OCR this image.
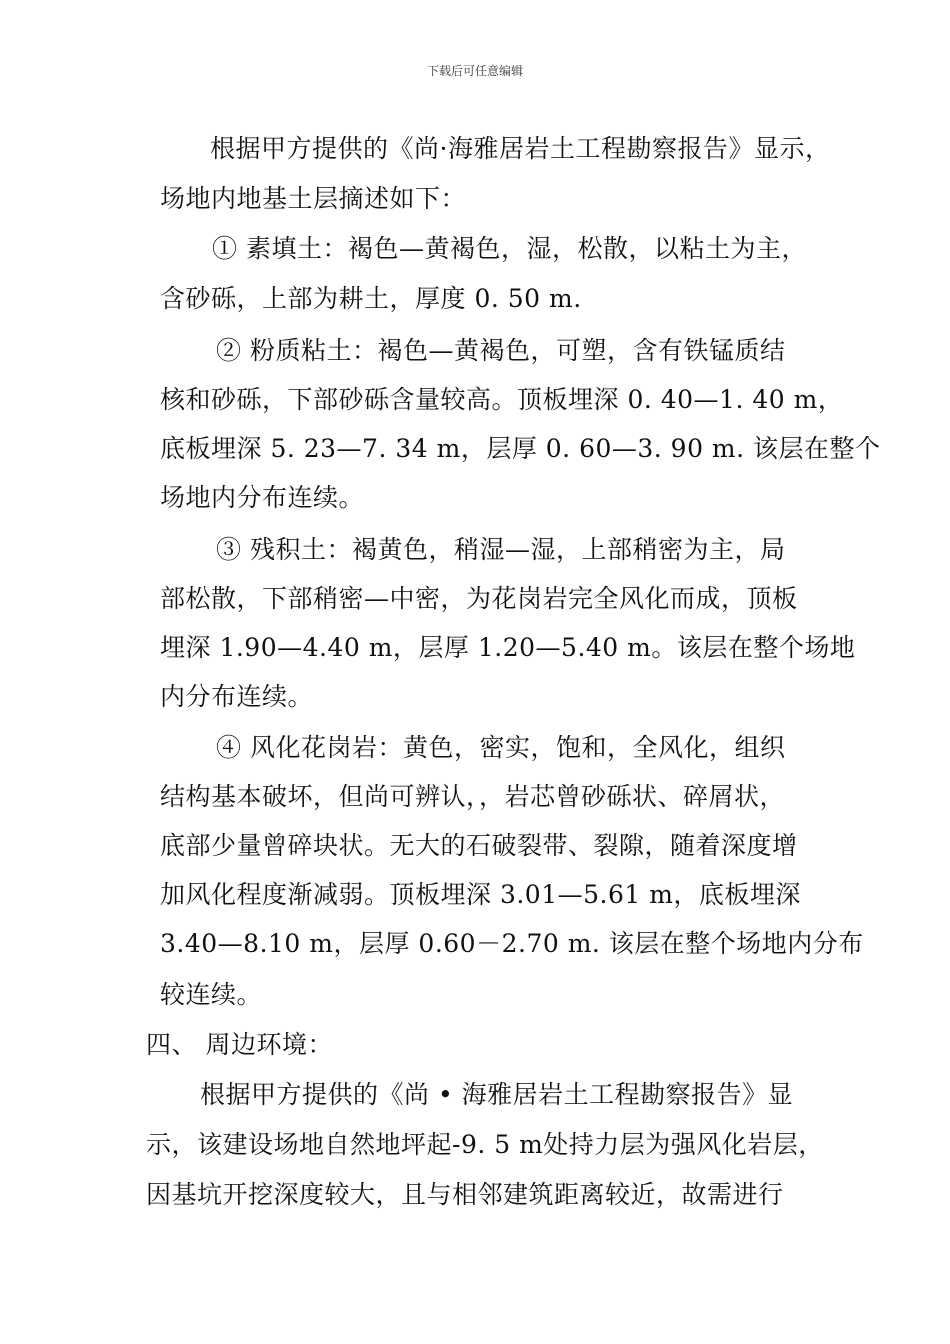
下载后可任意编辑
根据甲方提供的《尚·海雅居岩土工程勘察报告》显示，
场地内地基土层摘述如下：
① 素填土：褐色—黄褐色，湿，松散，以粘土为主，
含砂砾，上部为耕土，厚度 0. 50 m.
② 粉质粘土：褐色—黄褐色，可塑，含有铁锰质结
核和砂砾，下部砂砾含量较高。顶板埋深 0. 40—1. 40 m，
底板埋深 5. 23—7. 34 m，层厚 0. 60—3. 90 m. 该层在整个
场地内分布连续。
③ 残积土：褐黄色，稍湿—湿，上部稍密为主，局
部松散，下部稍密—中密，为花岗岩完全风化而成，顶板
埋深 1.90—4.40 m，层厚 1.20—5.40 m。该层在整个场地
内分布连续。
④ 风化花岗岩：黄色，密实，饱和，全风化，组织
结构基本破坏，但尚可辨认，，岩芯曾砂砾状、碎屑状，
底部少量曾碎块状。无大的石破裂带、裂隙，随着深度增
加风化程度渐减弱。顶板埋深 3.01—5.61 m，底板埋深
3.40—8.10 m，层厚 0.60－2.70 m. 该层在整个场地内分布
较连续。
四、 周边环境：
根据甲方提供的《尚 • 海雅居岩土工程勘察报告》显
示，该建设场地自然地坪起-9. 5 m处持力层为强风化岩层，
因基坑开挖深度较大，且与相邻建筑距离较近，故需进行
